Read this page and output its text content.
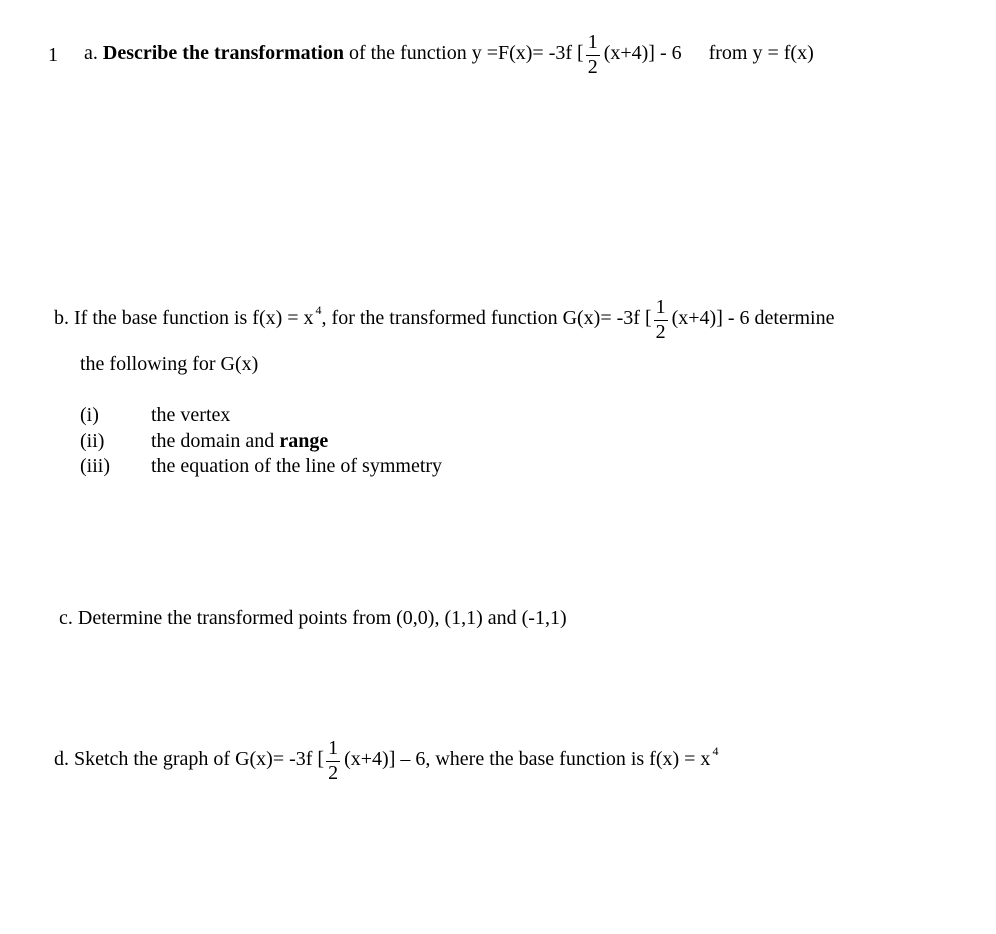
1 a. Describe the transformation of the function y =F(x)= -3f [ $\frac{1}{2} (x+4)] - 6$ from y = f(x)
b. If the base function is f(x) = x $^4$, for the transformed function G(x)= -3f [ $\frac{1}{2} (x+4)] - 6$ determine
the following for G(x)
(i)	the vertex
(ii) the domain and range
(iii) the equation of the line of symmetry
c. Determine the transformed points from (0,0), (1,1) and (-1,1)
d. Sketch the graph of G(x)= -3f [ $\frac{1}{2} (x+4)] - 6$, where the base function is f(x) = x $^4$
